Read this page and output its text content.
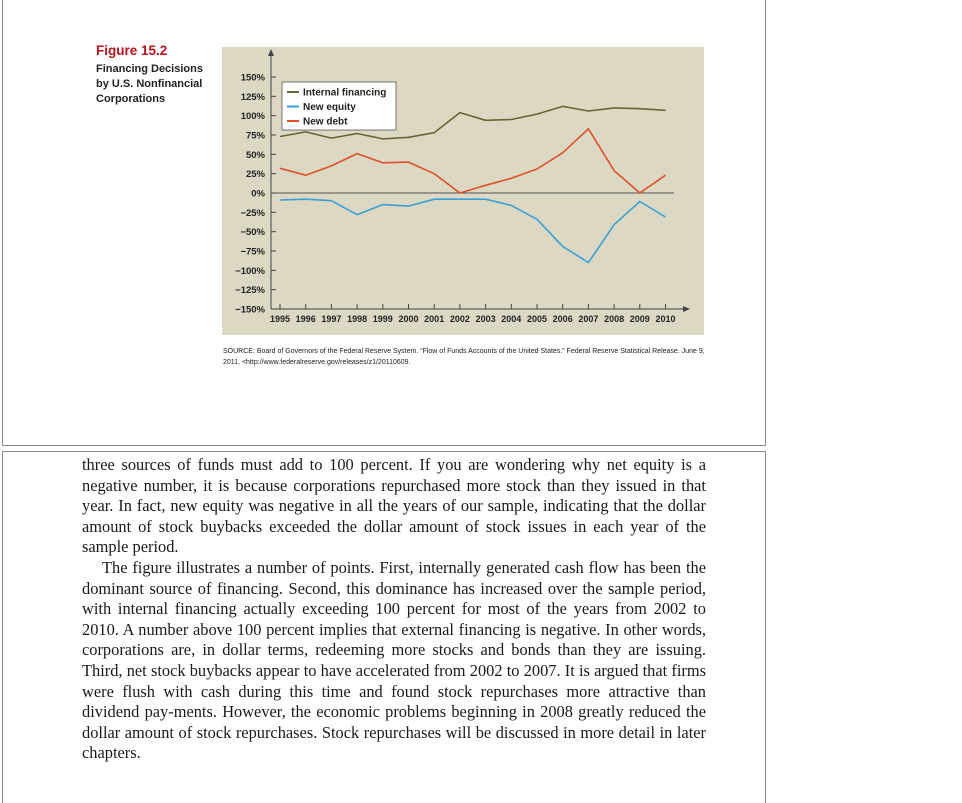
Figure 15.2
Financing Decisions by U.S. Nonfinancial Corporations
150%
125%
100%
75%
50%
25%
0%
−25%
−50%
−75%
−100%
−125%
−150%
1995 1996 1997 1998 1999 2000 2001 2002 2003 2004 2005 2006 2007 2008 2009 2010
Internal financing
New equity
New debt
SOURCE: Board of Governors of the Federal Reserve System. “Flow of Funds Accounts of the United States.” Federal Reserve Statistical Release. June 9, 2011, <http://www.federalreserve.gov/releases/z1/20110609.

three sources of funds must add to 100 percent. If you are wondering why net equity is a negative number, it is because corporations repurchased more stock than they issued in that year. In fact, new equity was negative in all the years of our sample, indicating that the dollar amount of stock buybacks exceeded the dollar amount of stock issues in each year of the sample period.

The figure illustrates a number of points. First, internally generated cash flow has been the dominant source of financing. Second, this dominance has increased over the sample period, with internal financing actually exceeding 100 percent for most of the years from 2002 to 2010. A number above 100 percent implies that external financing is negative. In other words, corporations are, in dollar terms, redeeming more stocks and bonds than they are issuing. Third, net stock buybacks appear to have accelerated from 2002 to 2007. It is argued that firms were flush with cash during this time and found stock repurchases more attractive than dividend pay-ments. However, the economic problems beginning in 2008 greatly reduced the dollar amount of stock repurchases. Stock repurchases will be discussed in more detail in later chapters.
